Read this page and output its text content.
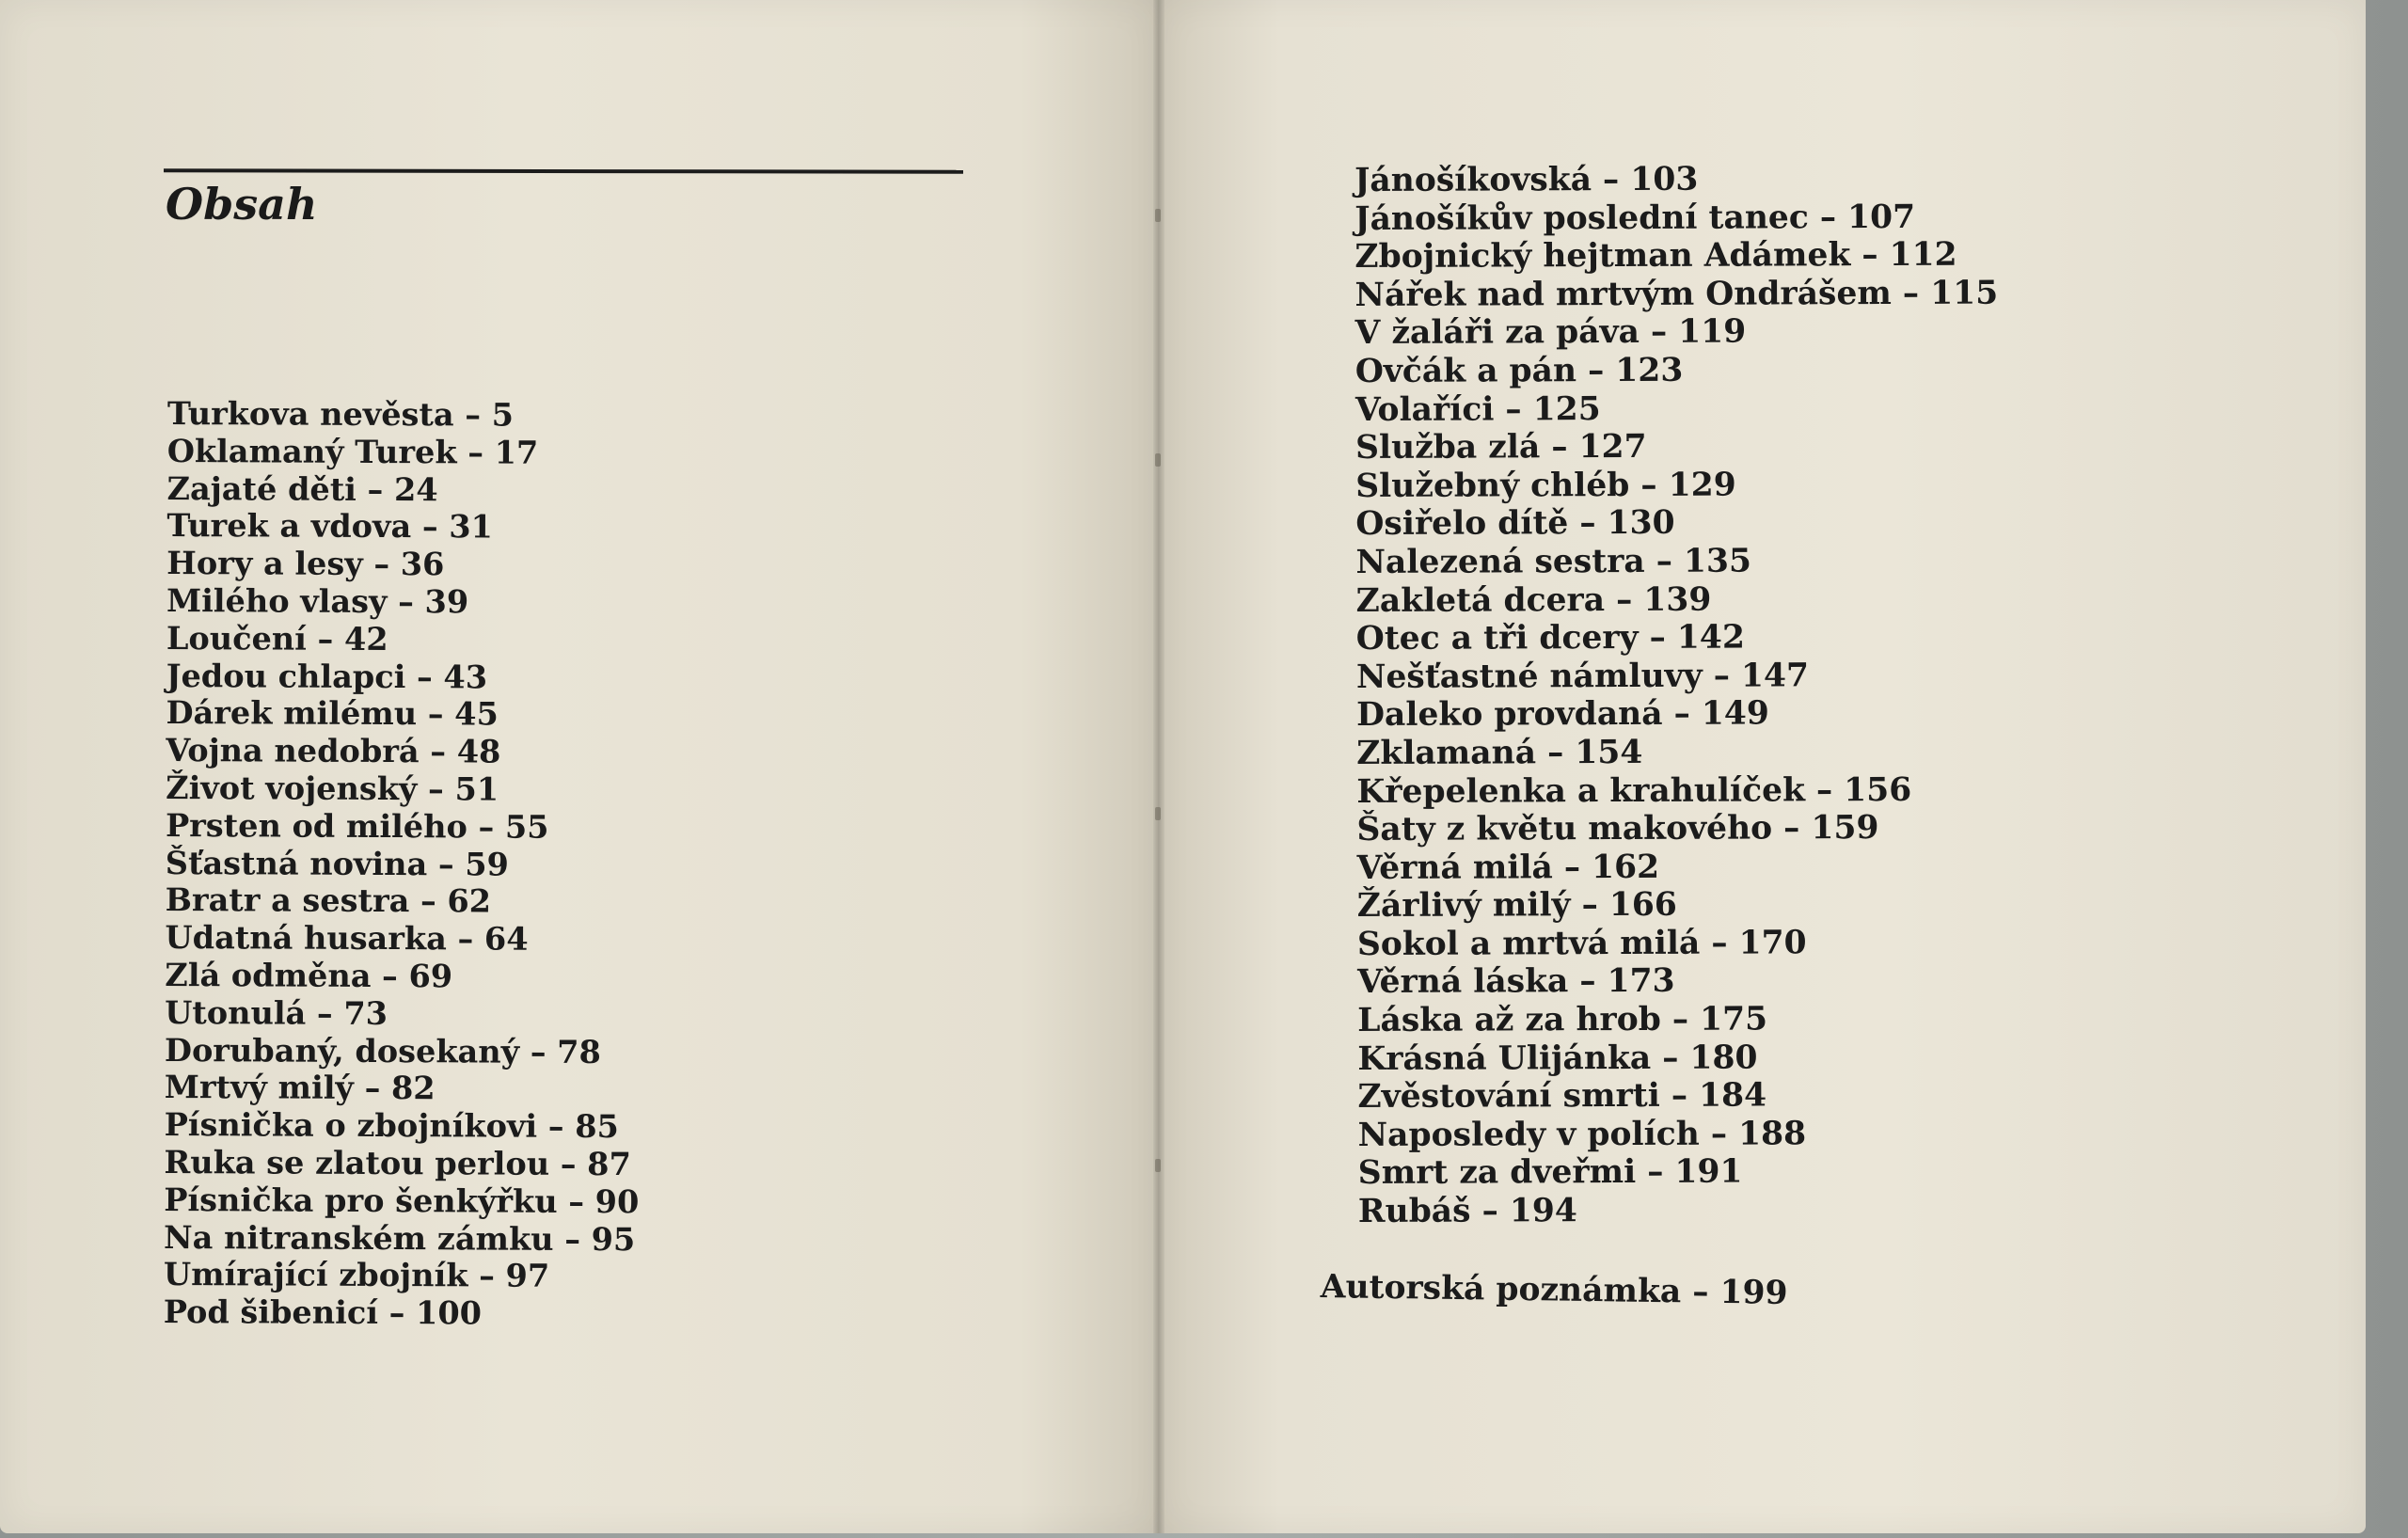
Obsah
Turkova nevěsta – 5
Oklamaný Turek – 17
Zajaté děti – 24
Turek a vdova – 31
Hory a lesy – 36
Milého vlasy – 39
Loučení – 42
Jedou chlapci – 43
Dárek milému – 45
Vojna nedobrá – 48
Život vojenský – 51
Prsten od milého – 55
Šťastná novina – 59
Bratr a sestra – 62
Udatná husarka – 64
Zlá odměna – 69
Utonulá – 73
Dorubaný, dosekaný – 78
Mrtvý milý – 82
Písnička o zbojníkovi – 85
Ruka se zlatou perlou – 87
Písnička pro šenkýřku – 90
Na nitranském zámku – 95
Umírající zbojník – 97
Pod šibenicí – 100
Jánošíkovská – 103
Jánošíkův poslední tanec – 107
Zbojnický hejtman Adámek – 112
Nářek nad mrtvým Ondrášem – 115
V žaláři za páva – 119
Ovčák a pán – 123
Volaříci – 125
Služba zlá – 127
Služebný chléb – 129
Osiřelo dítě – 130
Nalezená sestra – 135
Zakletá dcera – 139
Otec a tři dcery – 142
Nešťastné námluvy – 147
Daleko provdaná – 149
Zklamaná – 154
Křepelenka a krahulíček – 156
Šaty z květu makového – 159
Věrná milá – 162
Žárlivý milý – 166
Sokol a mrtvá milá – 170
Věrná láska – 173
Láska až za hrob – 175
Krásná Ulijánka – 180
Zvěstování smrti – 184
Naposledy v polích – 188
Smrt za dveřmi – 191
Rubáš – 194

Autorská poznámka – 199
